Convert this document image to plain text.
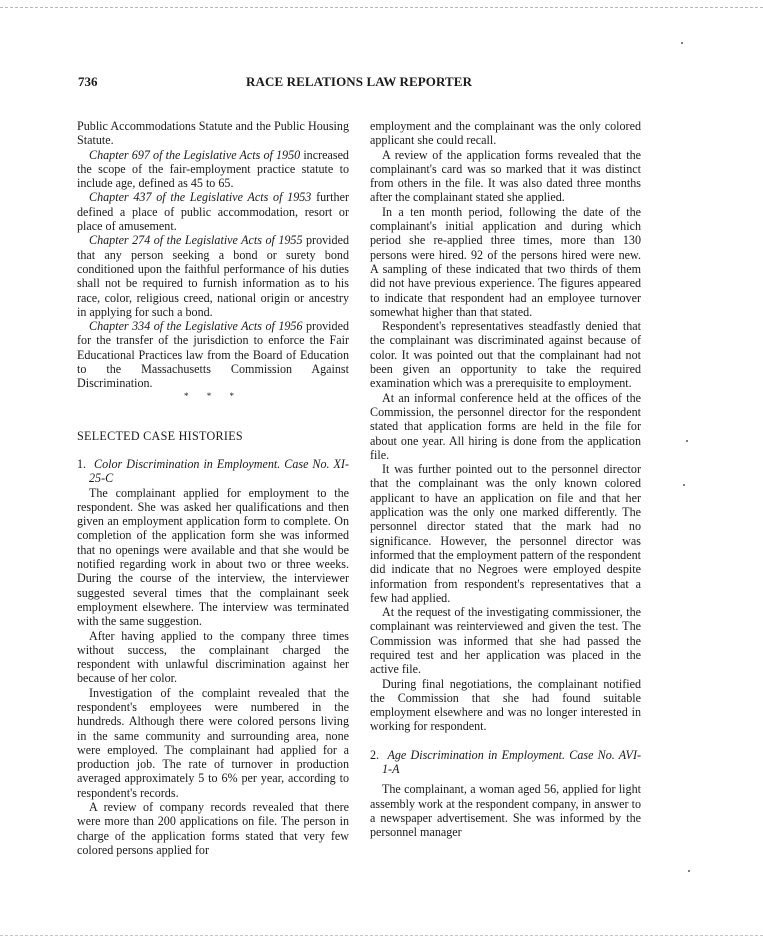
736	RACE RELATIONS LAW REPORTER

Public Accommodations Statute and the Public Housing Statute.

Chapter 697 of the Legislative Acts of 1950 increased the scope of the fair-employment practice statute to include age, defined as 45 to 65.

Chapter 437 of the Legislative Acts of 1953 further defined a place of public accommodation, resort or place of amusement.

Chapter 274 of the Legislative Acts of 1955 provided that any person seeking a bond or surety bond conditioned upon the faithful performance of his duties shall not be required to furnish information as to his race, color, religious creed, national origin or ancestry in applying for such a bond.

Chapter 334 of the Legislative Acts of 1956 provided for the transfer of the jurisdiction to enforce the Fair Educational Practices law from the Board of Education to the Massachusetts Commission Against Discrimination.

* * *

SELECTED CASE HISTORIES

1. Color Discrimination in Employment. Case No. XI-25-C

The complainant applied for employment to the respondent. She was asked her qualifications and then given an employment application form to complete. On completion of the application form she was informed that no openings were available and that she would be notified regarding work in about two or three weeks. During the course of the interview, the interviewer suggested several times that the complainant seek employment elsewhere. The interview was terminated with the same suggestion.

After having applied to the company three times without success, the complainant charged the respondent with unlawful discrimination against her because of her color.

Investigation of the complaint revealed that the respondent's employees were numbered in the hundreds. Although there were colored persons living in the same community and surrounding area, none were employed. The complainant had applied for a production job. The rate of turnover in production averaged approximately 5 to 6% per year, according to respondent's records.

A review of company records revealed that there were more than 200 applications on file. The person in charge of the application forms stated that very few colored persons applied for

employment and the complainant was the only colored applicant she could recall.

A review of the application forms revealed that the complainant's card was so marked that it was distinct from others in the file. It was also dated three months after the complainant stated she applied.

In a ten month period, following the date of the complainant's initial application and during which period she re-applied three times, more than 130 persons were hired. 92 of the persons hired were new. A sampling of these indicated that two thirds of them did not have previous experience. The figures appeared to indicate that respondent had an employee turnover somewhat higher than that stated.

Respondent's representatives steadfastly denied that the complainant was discriminated against because of color. It was pointed out that the complainant had not been given an opportunity to take the required examination which was a prerequisite to employment.

At an informal conference held at the offices of the Commission, the personnel director for the respondent stated that application forms are held in the file for about one year. All hiring is done from the application file.

It was further pointed out to the personnel director that the complainant was the only known colored applicant to have an application on file and that her application was the only one marked differently. The personnel director stated that the mark had no significance. However, the personnel director was informed that the employment pattern of the respondent did indicate that no Negroes were employed despite information from respondent's representatives that a few had applied.

At the request of the investigating commissioner, the complainant was reinterviewed and given the test. The Commission was informed that she had passed the required test and her application was placed in the active file.

During final negotiations, the complainant notified the Commission that she had found suitable employment elsewhere and was no longer interested in working for respondent.

2. Age Discrimination in Employment. Case No. AVI-1-A

The complainant, a woman aged 56, applied for light assembly work at the respondent company, in answer to a newspaper advertisement. She was informed by the personnel manager
